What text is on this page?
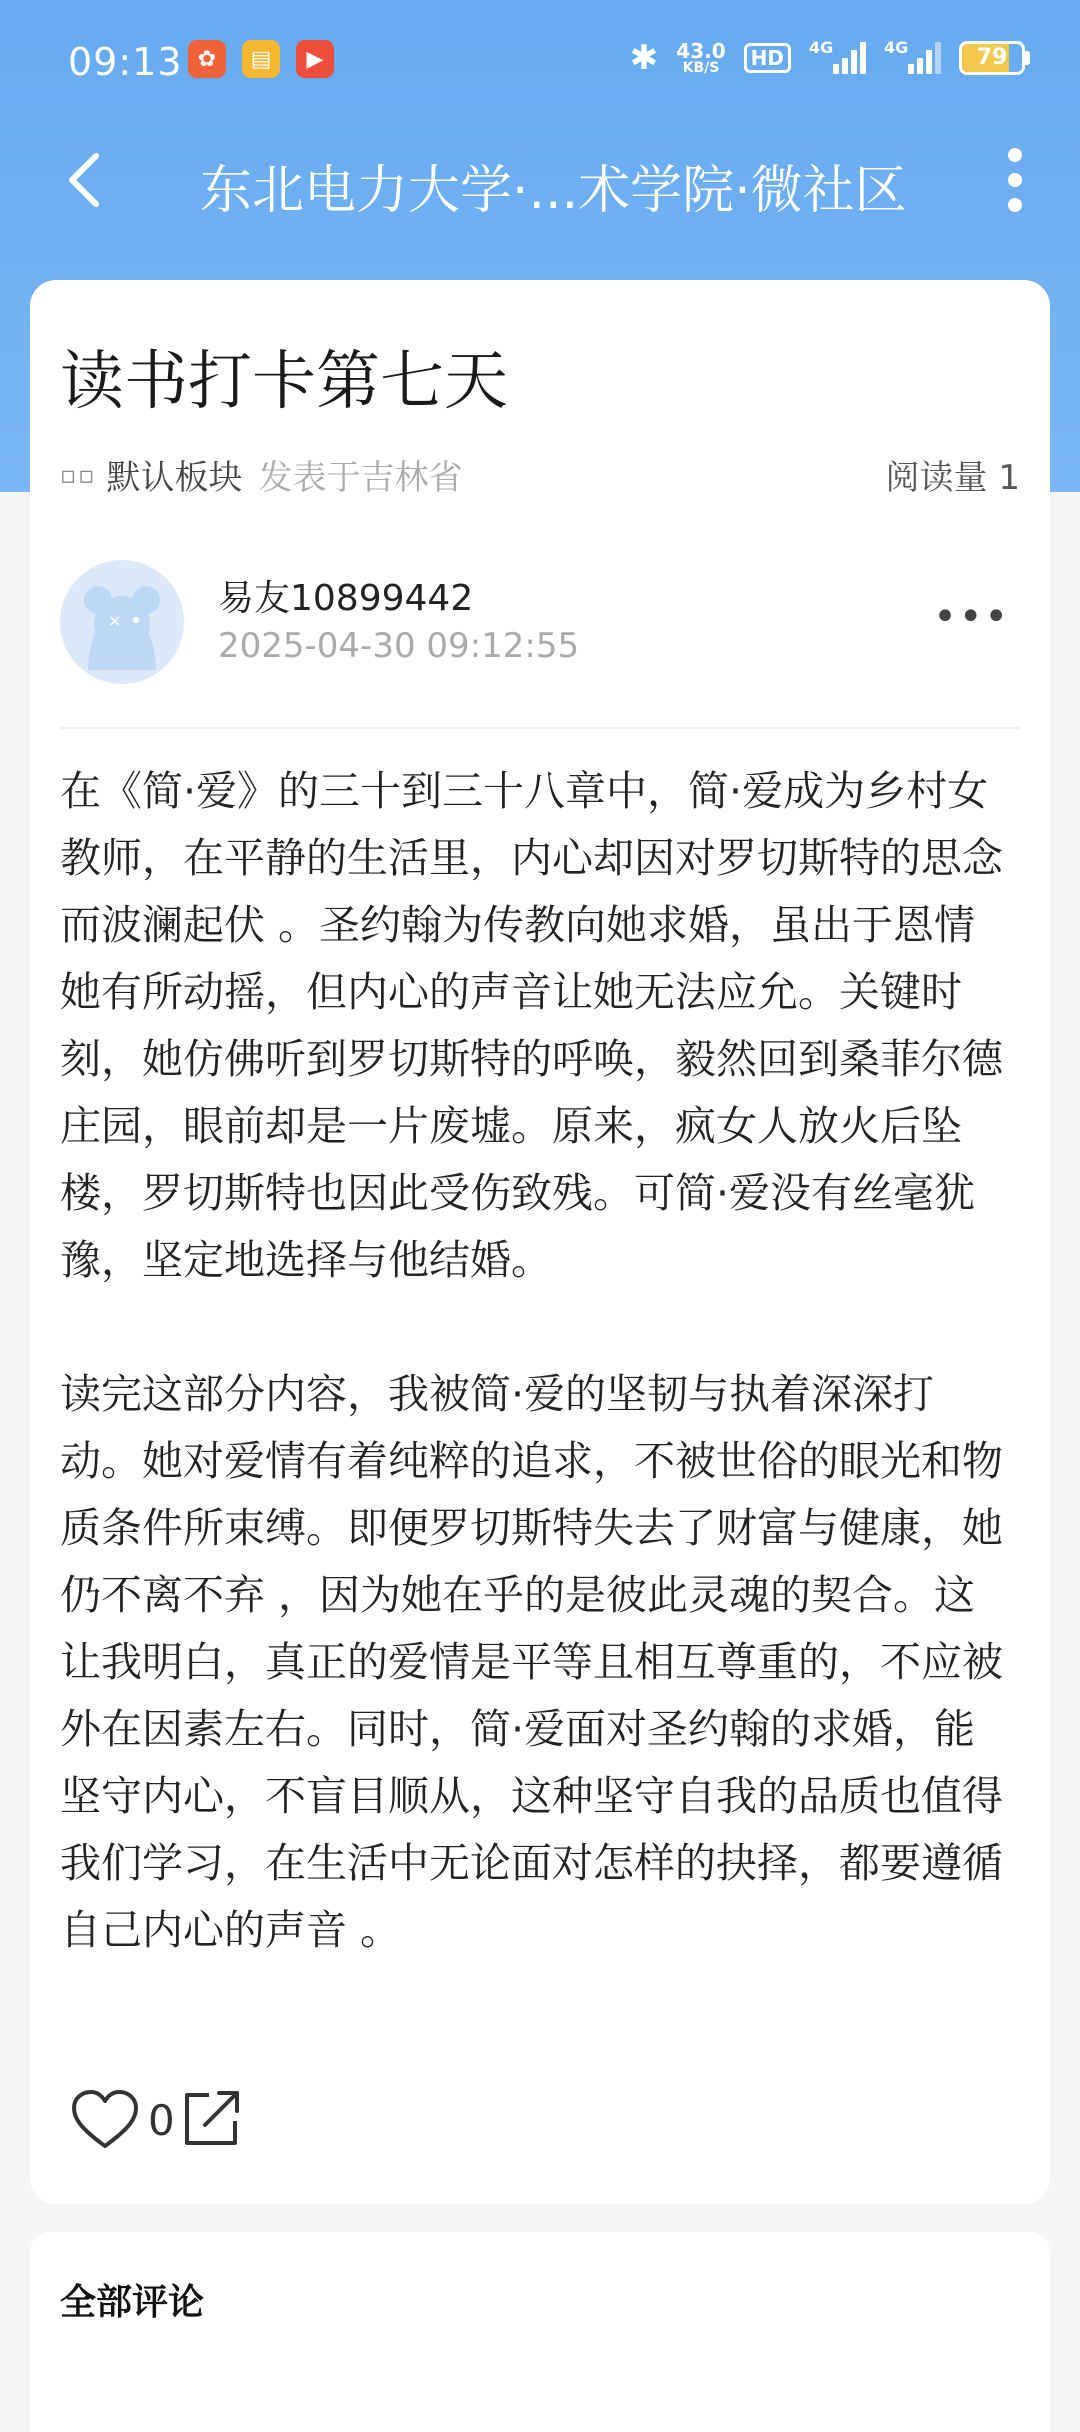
09:13 ✿	▤	▶	✱ 43.0
KB/S	HD	4G	4G	79
东北电力大学·...术学院·微社区
读书打卡第七天
▫▫ 默认板块 发表于吉林省	阅读量 1
×
易友10899442
2025-04-30 09:12:55
•••

在《简·爱》的三十到三十八章中，简·爱成为乡村女教师，在平静的生活里，内心却因对罗切斯特的思念而波澜起伏 。圣约翰为传教向她求婚，虽出于恩情她有所动摇，但内心的声音让她无法应允。关键时刻，她仿佛听到罗切斯特的呼唤，毅然回到桑菲尔德庄园，眼前却是一片废墟。原来，疯女人放火后坠楼，罗切斯特也因此受伤致残。可简·爱没有丝毫犹豫，坚定地选择与他结婚。

读完这部分内容，我被简·爱的坚韧与执着深深打动。她对爱情有着纯粹的追求，不被世俗的眼光和物质条件所束缚。即便罗切斯特失去了财富与健康，她仍不离不弃 ，因为她在乎的是彼此灵魂的契合。这让我明白，真正的爱情是平等且相互尊重的，不应被外在因素左右。同时，简·爱面对圣约翰的求婚，能坚守内心，不盲目顺从，这种坚守自我的品质也值得我们学习，在生活中无论面对怎样的抉择，都要遵循自己内心的声音 。

0
全部评论
